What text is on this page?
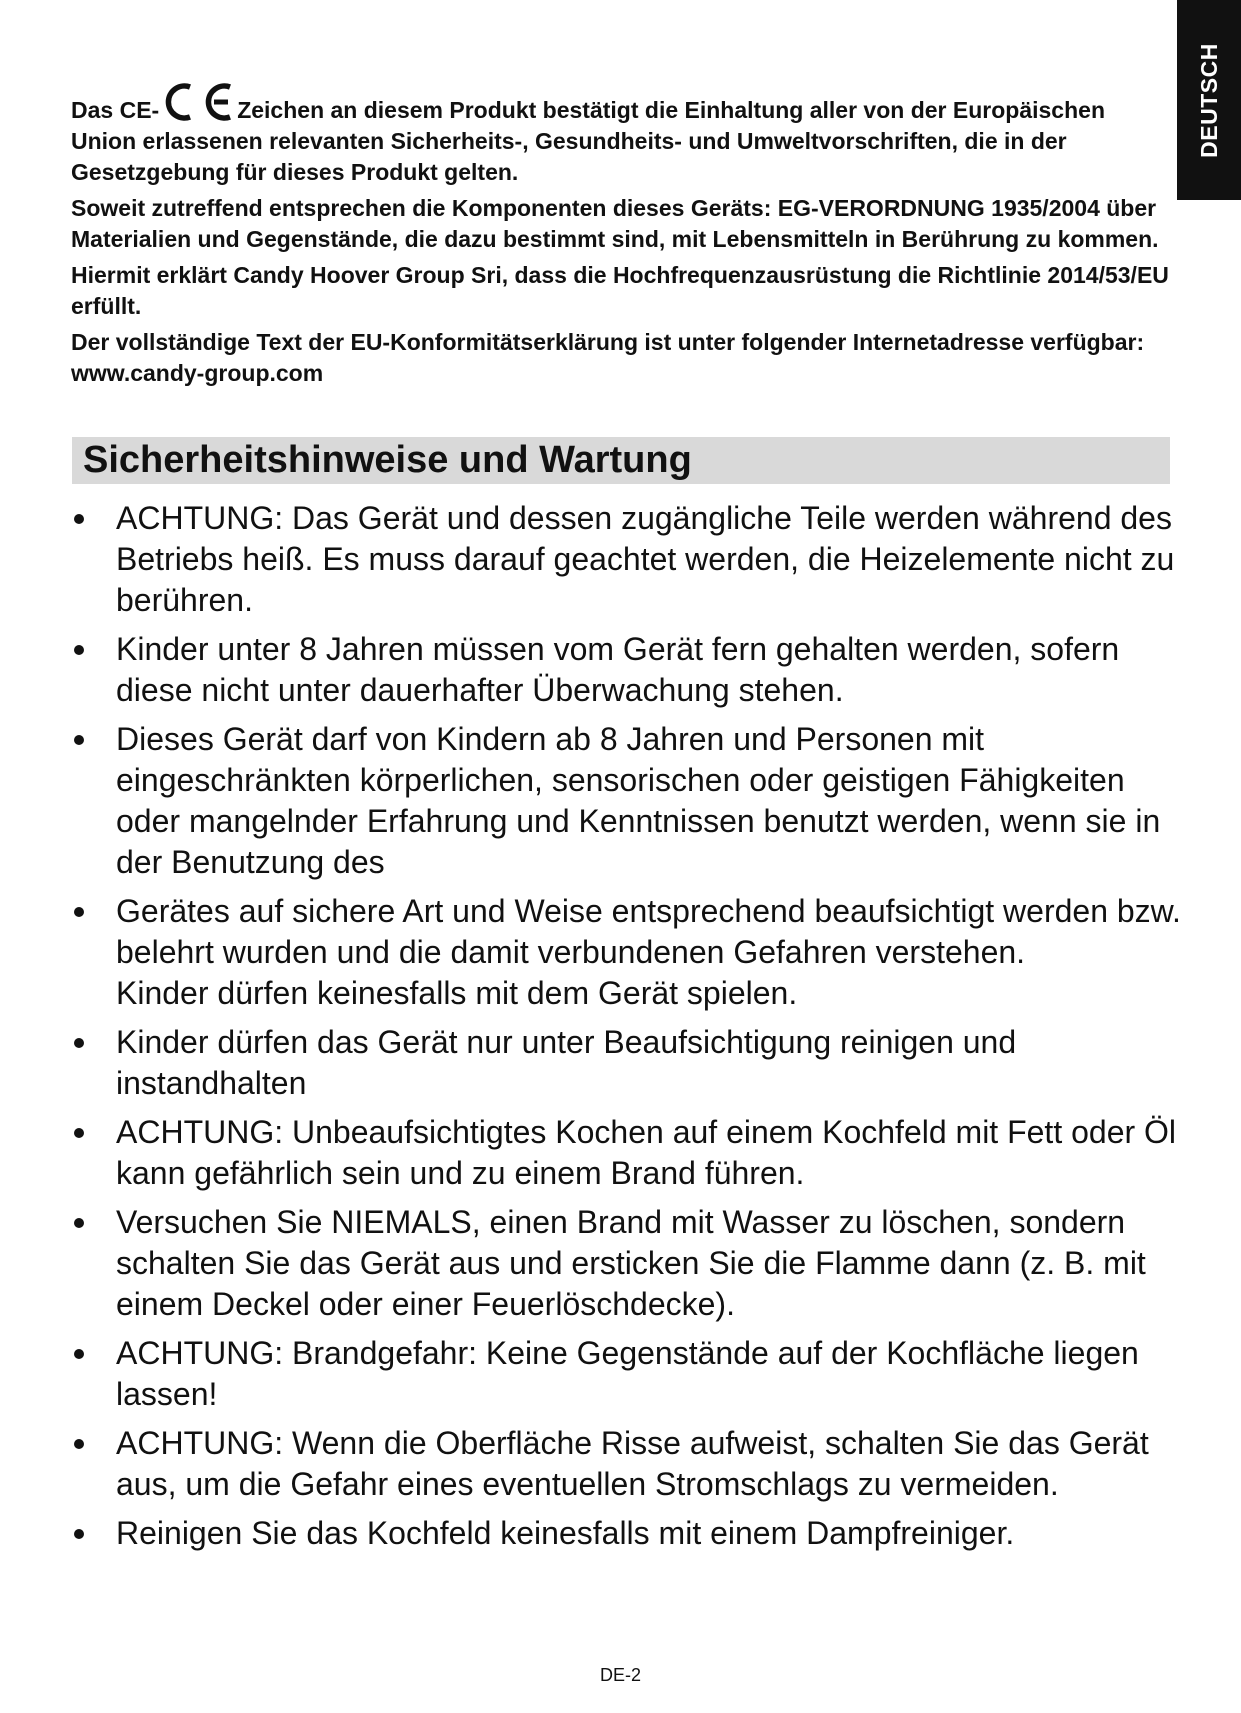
DEUTSCH

Das CE-	Zeichen an diesem Produkt bestätigt die Einhaltung aller von der Europäischen Union erlassenen relevanten Sicherheits-, Gesundheits- und Umweltvorschriften, die in der Gesetzgebung für dieses Produkt gelten.

Soweit zutreffend entsprechen die Komponenten dieses Geräts: EG-VERORDNUNG 1935/2004 über Materialien und Gegenstände, die dazu bestimmt sind, mit Lebensmitteln in Berührung zu kommen.

Hiermit erklärt Candy Hoover Group Sri, dass die Hochfrequenzausrüstung die Richtlinie 2014/53/EU erfüllt.

Der vollständige Text der EU-Konformitätserklärung ist unter folgender Internetadresse verfügbar: www.candy-group.com

Sicherheitshinweise und Wartung
ACHTUNG: Das Gerät und dessen zugängliche Teile werden während des Betriebs heiß. Es muss darauf geachtet werden, die Heizelemente nicht zu berühren.
Kinder unter 8 Jahren müssen vom Gerät fern gehalten werden, sofern diese nicht unter dauerhafter Überwachung stehen.
Dieses Gerät darf von Kindern ab 8 Jahren und Personen mit eingeschränkten körperlichen, sensorischen oder geistigen Fähigkeiten oder mangelnder Erfahrung und Kenntnissen benutzt werden, wenn sie in der Benutzung des
Gerätes auf sichere Art und Weise entsprechend beaufsichtigt werden bzw. belehrt wurden und die damit verbundenen Gefahren verstehen.
Kinder dürfen keinesfalls mit dem Gerät spielen.
Kinder dürfen das Gerät nur unter Beaufsichtigung reinigen und instandhalten
ACHTUNG: Unbeaufsichtigtes Kochen auf einem Kochfeld mit Fett oder Öl kann gefährlich sein und zu einem Brand führen.
Versuchen Sie NIEMALS, einen Brand mit Wasser zu löschen, sondern schalten Sie das Gerät aus und ersticken Sie die Flamme dann (z. B. mit einem Deckel oder einer Feuerlöschdecke).
ACHTUNG: Brandgefahr: Keine Gegenstände auf der Kochfläche liegen lassen!
ACHTUNG: Wenn die Oberfläche Risse aufweist, schalten Sie das Gerät aus, um die Gefahr eines eventuellen Stromschlags zu vermeiden.
Reinigen Sie das Kochfeld keinesfalls mit einem Dampfreiniger.
DE-2
